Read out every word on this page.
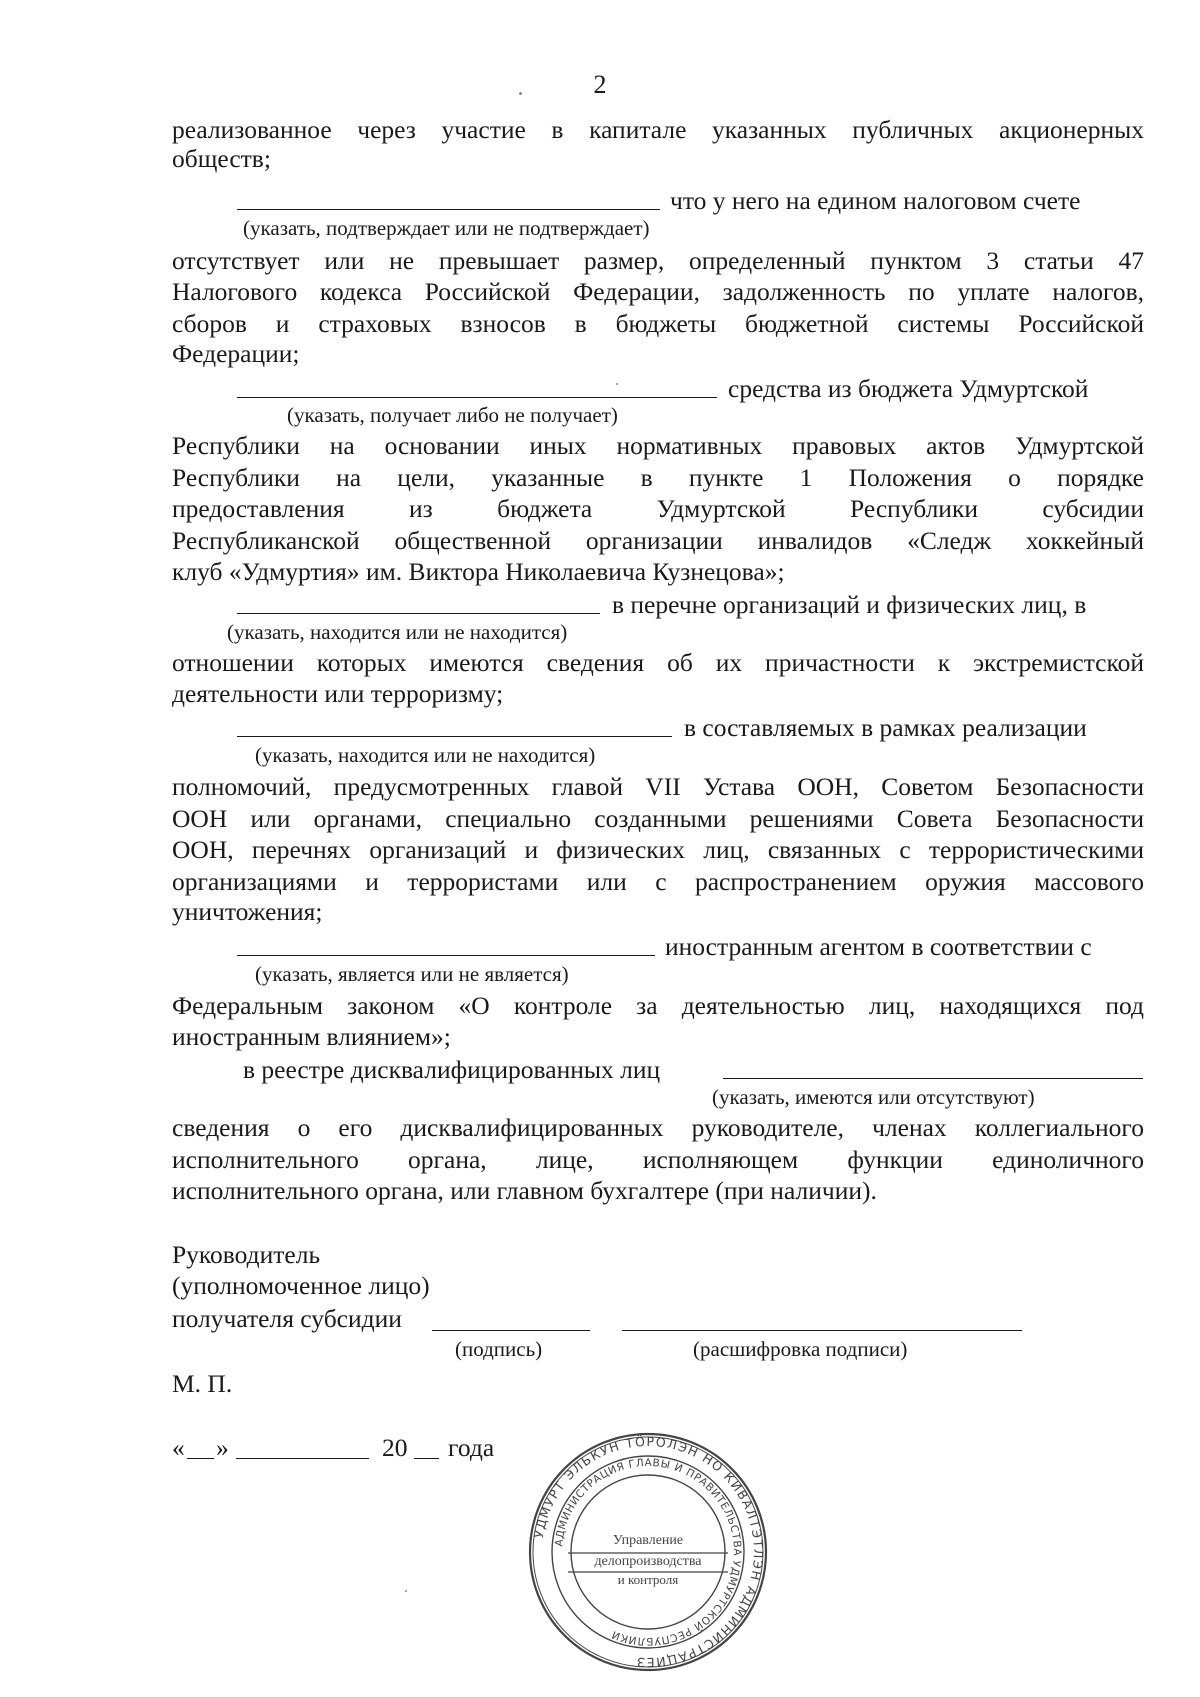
2
реализованное через участие в капитале указанных публичных акционерных
обществ;
что у него на едином налоговом счете
(указать, подтверждает или не подтверждает)
отсутствует или не превышает размер, определенный пунктом 3 статьи 47
Налогового кодекса Российской Федерации, задолженность по уплате налогов,
сборов и страховых взносов в бюджеты бюджетной системы Российской
Федерации;
средства из бюджета Удмуртской
(указать, получает либо не получает)
Республики на основании иных нормативных правовых актов Удмуртской
Республики на цели, указанные в пункте 1 Положения о порядке
предоставления из бюджета Удмуртской Республики субсидии
Республиканской общественной организации инвалидов «Следж хоккейный
клуб «Удмуртия» им. Виктора Николаевича Кузнецова»;
в перечне организаций и физических лиц, в
(указать, находится или не находится)
отношении которых имеются сведения об их причастности к экстремистской
деятельности или терроризму;
в составляемых в рамках реализации
(указать, находится или не находится)
полномочий, предусмотренных главой VII Устава ООН, Советом Безопасности
ООН или органами, специально созданными решениями Совета Безопасности
ООН, перечнях организаций и физических лиц, связанных с террористическими
организациями и террористами или с распространением оружия массового
уничтожения;
иностранным агентом в соответствии с
(указать, является или не является)
Федеральным законом «О контроле за деятельностью лиц, находящихся под
иностранным влиянием»;
в реестре дисквалифицированных лиц
(указать, имеются или отсутствуют)
сведения о его дисквалифицированных руководителе, членах коллегиального
исполнительного органа, лице, исполняющем функции единоличного
исполнительного органа, или главном бухгалтере (при наличии).
Руководитель
(уполномоченное лицо)
получателя субсидии
(подпись)	(расшифровка подписи)
М. П.
« »	20 года
УДМУРТ ЭЛЬКУН ТӦРОЛЭН НО КИВАЛТЭТЛЭН АДМИНИСТРАЦИЕЗ
АДМИНИСТРАЦИЯ ГЛАВЫ И ПРАВИТЕЛЬСТВА УДМУРТСКОЙ РЕСПУБЛИКИ
Управление
делопроизводства
и контроля
